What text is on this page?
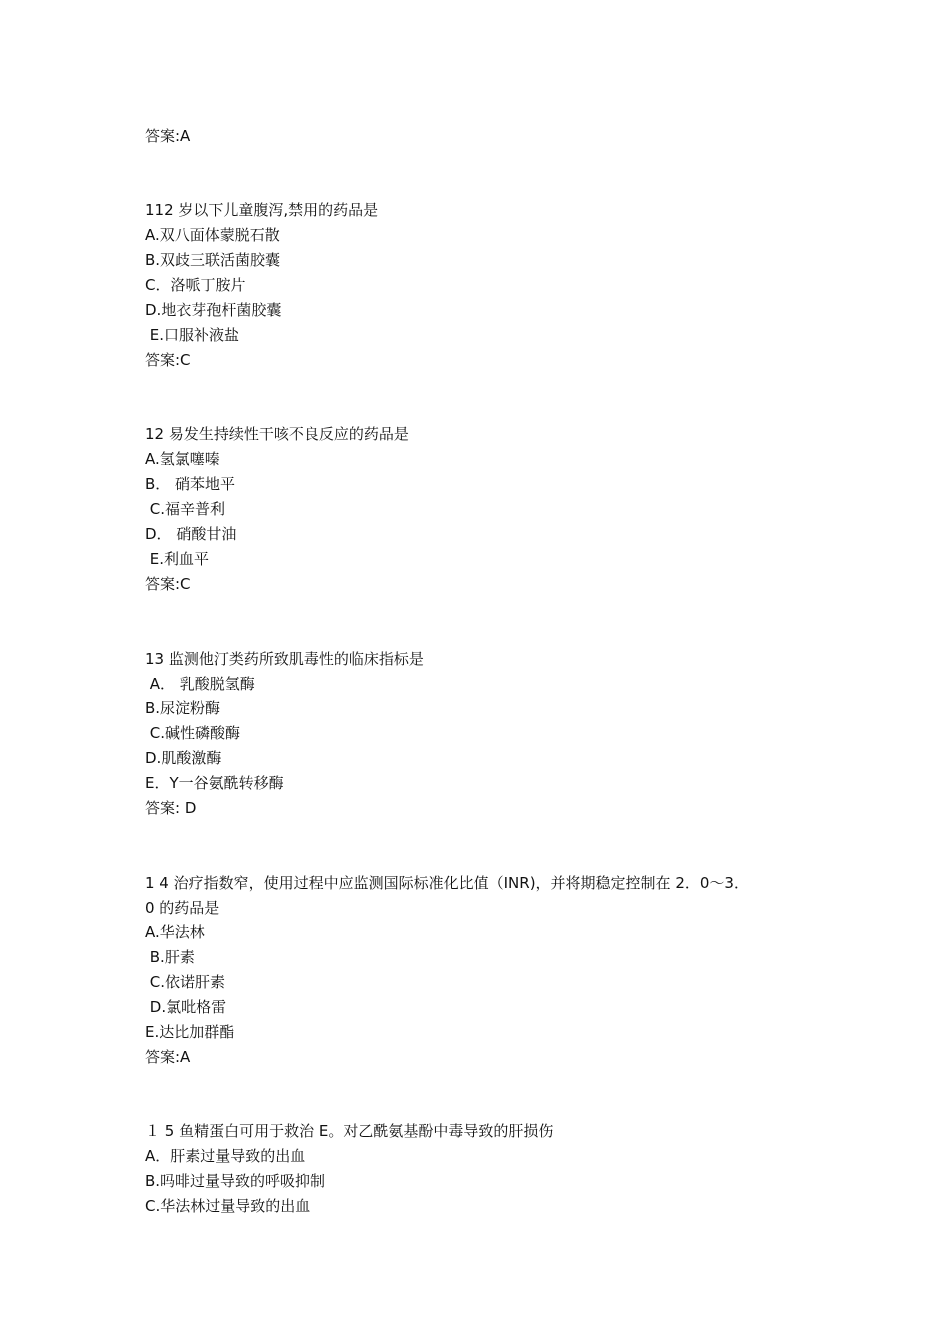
答案:A

112 岁以下儿童腹泻,禁用的药品是

A.双八面体蒙脱石散

B.双歧三联活菌胶囊

C．洛哌丁胺片

D.地衣芽孢杆菌胶囊

E.口服补液盐

答案:C

12 易发生持续性干咳不良反应的药品是

A.氢氯噻嗪

B． 硝苯地平

C.福辛普利

D． 硝酸甘油

E.利血平

答案:C

13 监测他汀类药所致肌毒性的临床指标是

A． 乳酸脱氢酶

B.尿淀粉酶

C.碱性磷酸酶

D.肌酸激酶

E．Y一谷氨酰转移酶

答案: D

1 4 治疗指数窄，使用过程中应监测国际标准化比值（INR)，并将期稳定控制在 2．0～3．

0 的药品是

A.华法林

B.肝素

C.依诺肝素

D.氯吡格雷

E.达比加群酯

答案:A

１ 5 鱼精蛋白可用于救治 E。对乙酰氨基酚中毒导致的肝损伤

A．肝素过量导致的出血

B.吗啡过量导致的呼吸抑制

C.华法林过量导致的出血
